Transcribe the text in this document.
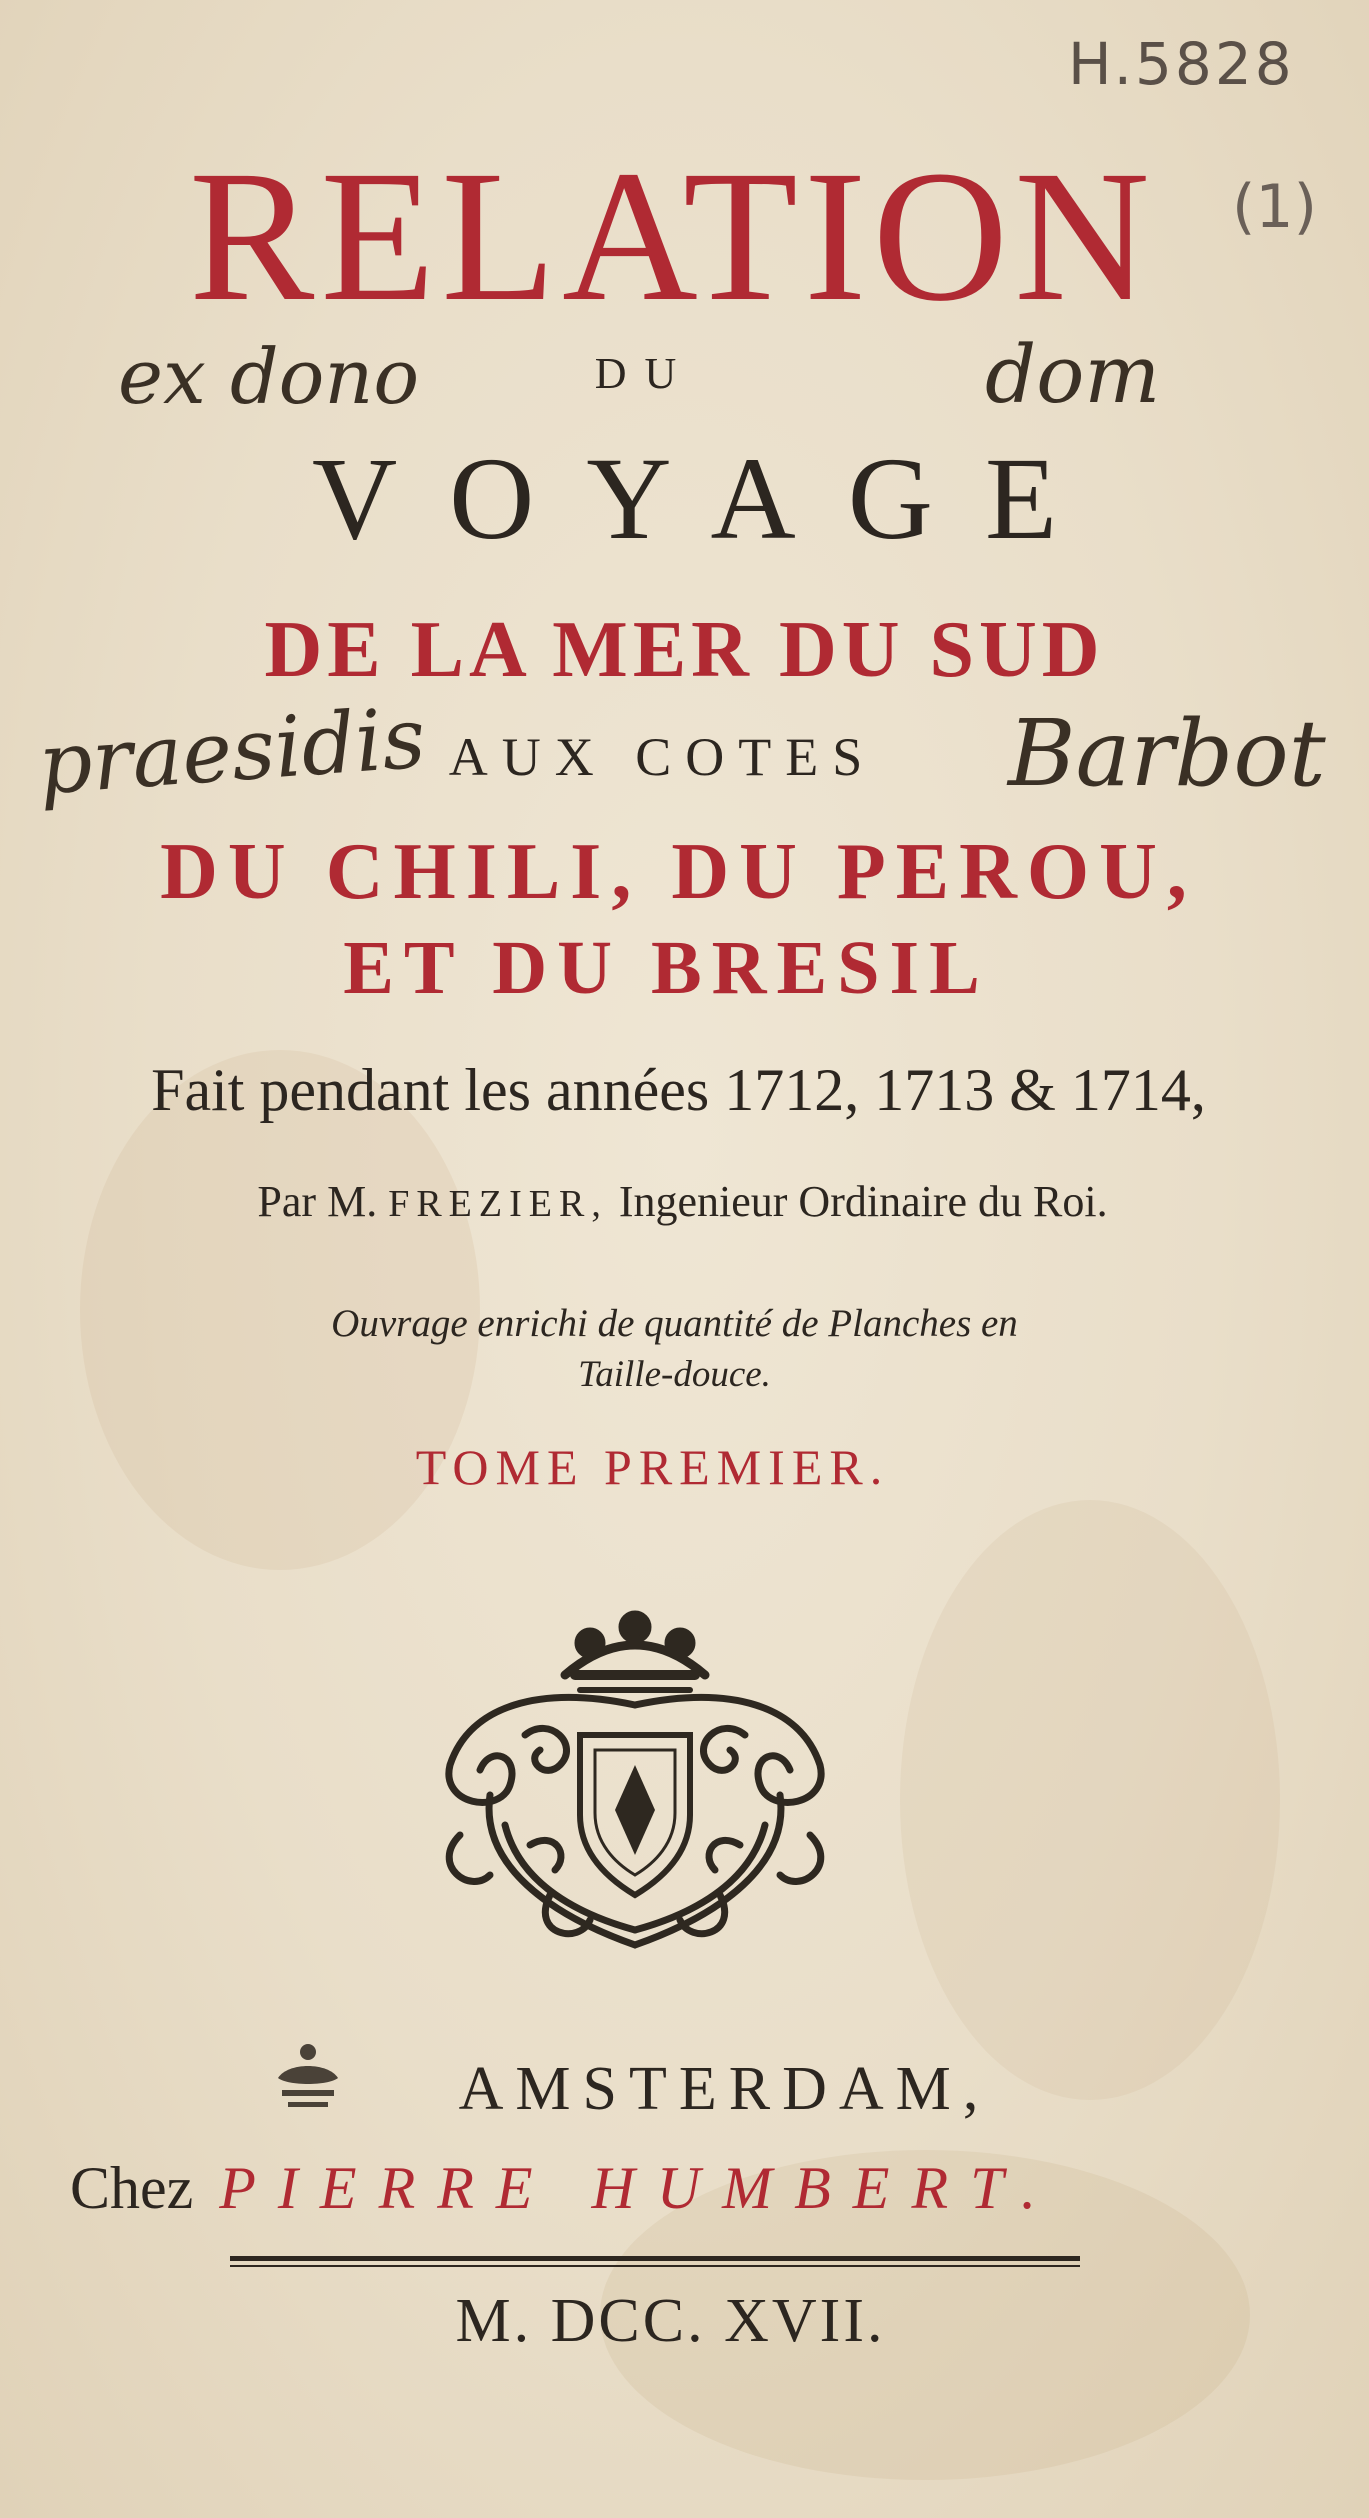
H.5828
(1)
RELATION
ex dono	DU	dom
VOYAGE
DE LA MER DU SUD
praesidis AUX COTES	Barbot
DU CHILI, DU PEROU,
ET DU BRESIL
Fait pendant les années 1712, 1713 & 1714,
Par M. FREZIER, Ingenieur Ordinaire du Roi.
Ouvrage enrichi de quantité de Planches en
Taille-douce.
TOME PREMIER.
AMSTERDAM,
Chez PIERRE HUMBERT.
M. DCC. XVII.
